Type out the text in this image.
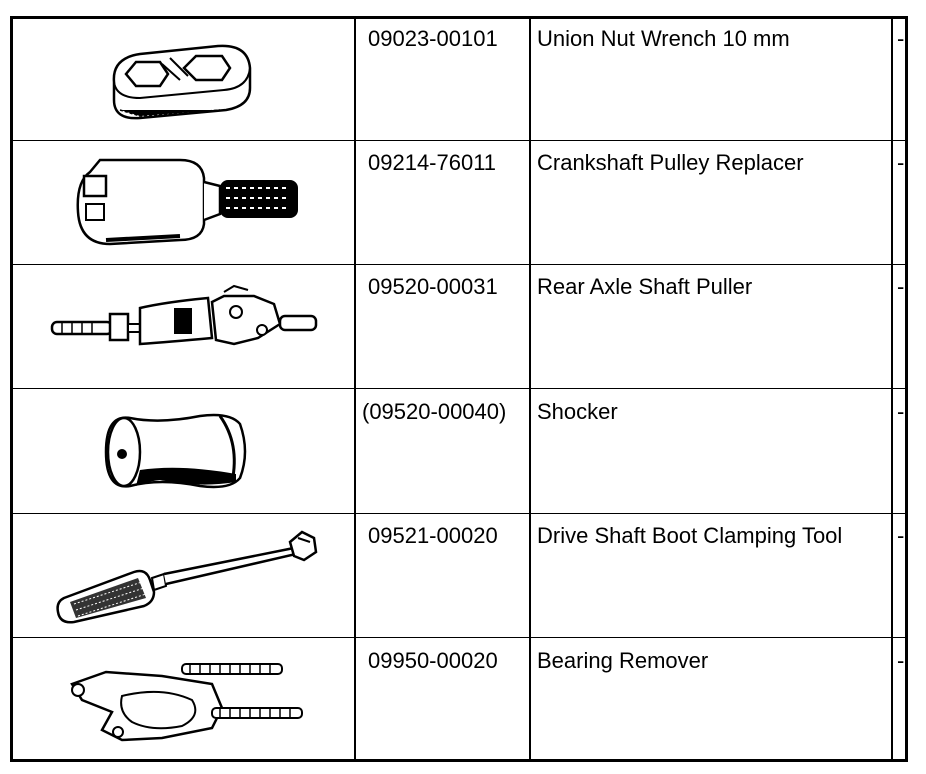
09023-00101 Union Nut Wrench 10 mm	-
09214-76011 Crankshaft Pulley Replacer	-
09520-00031 Rear Axle Shaft Puller	-
(09520-00040) Shocker	-
09521-00020 Drive Shaft Boot Clamping Tool -
09950-00020 Bearing Remover	-
